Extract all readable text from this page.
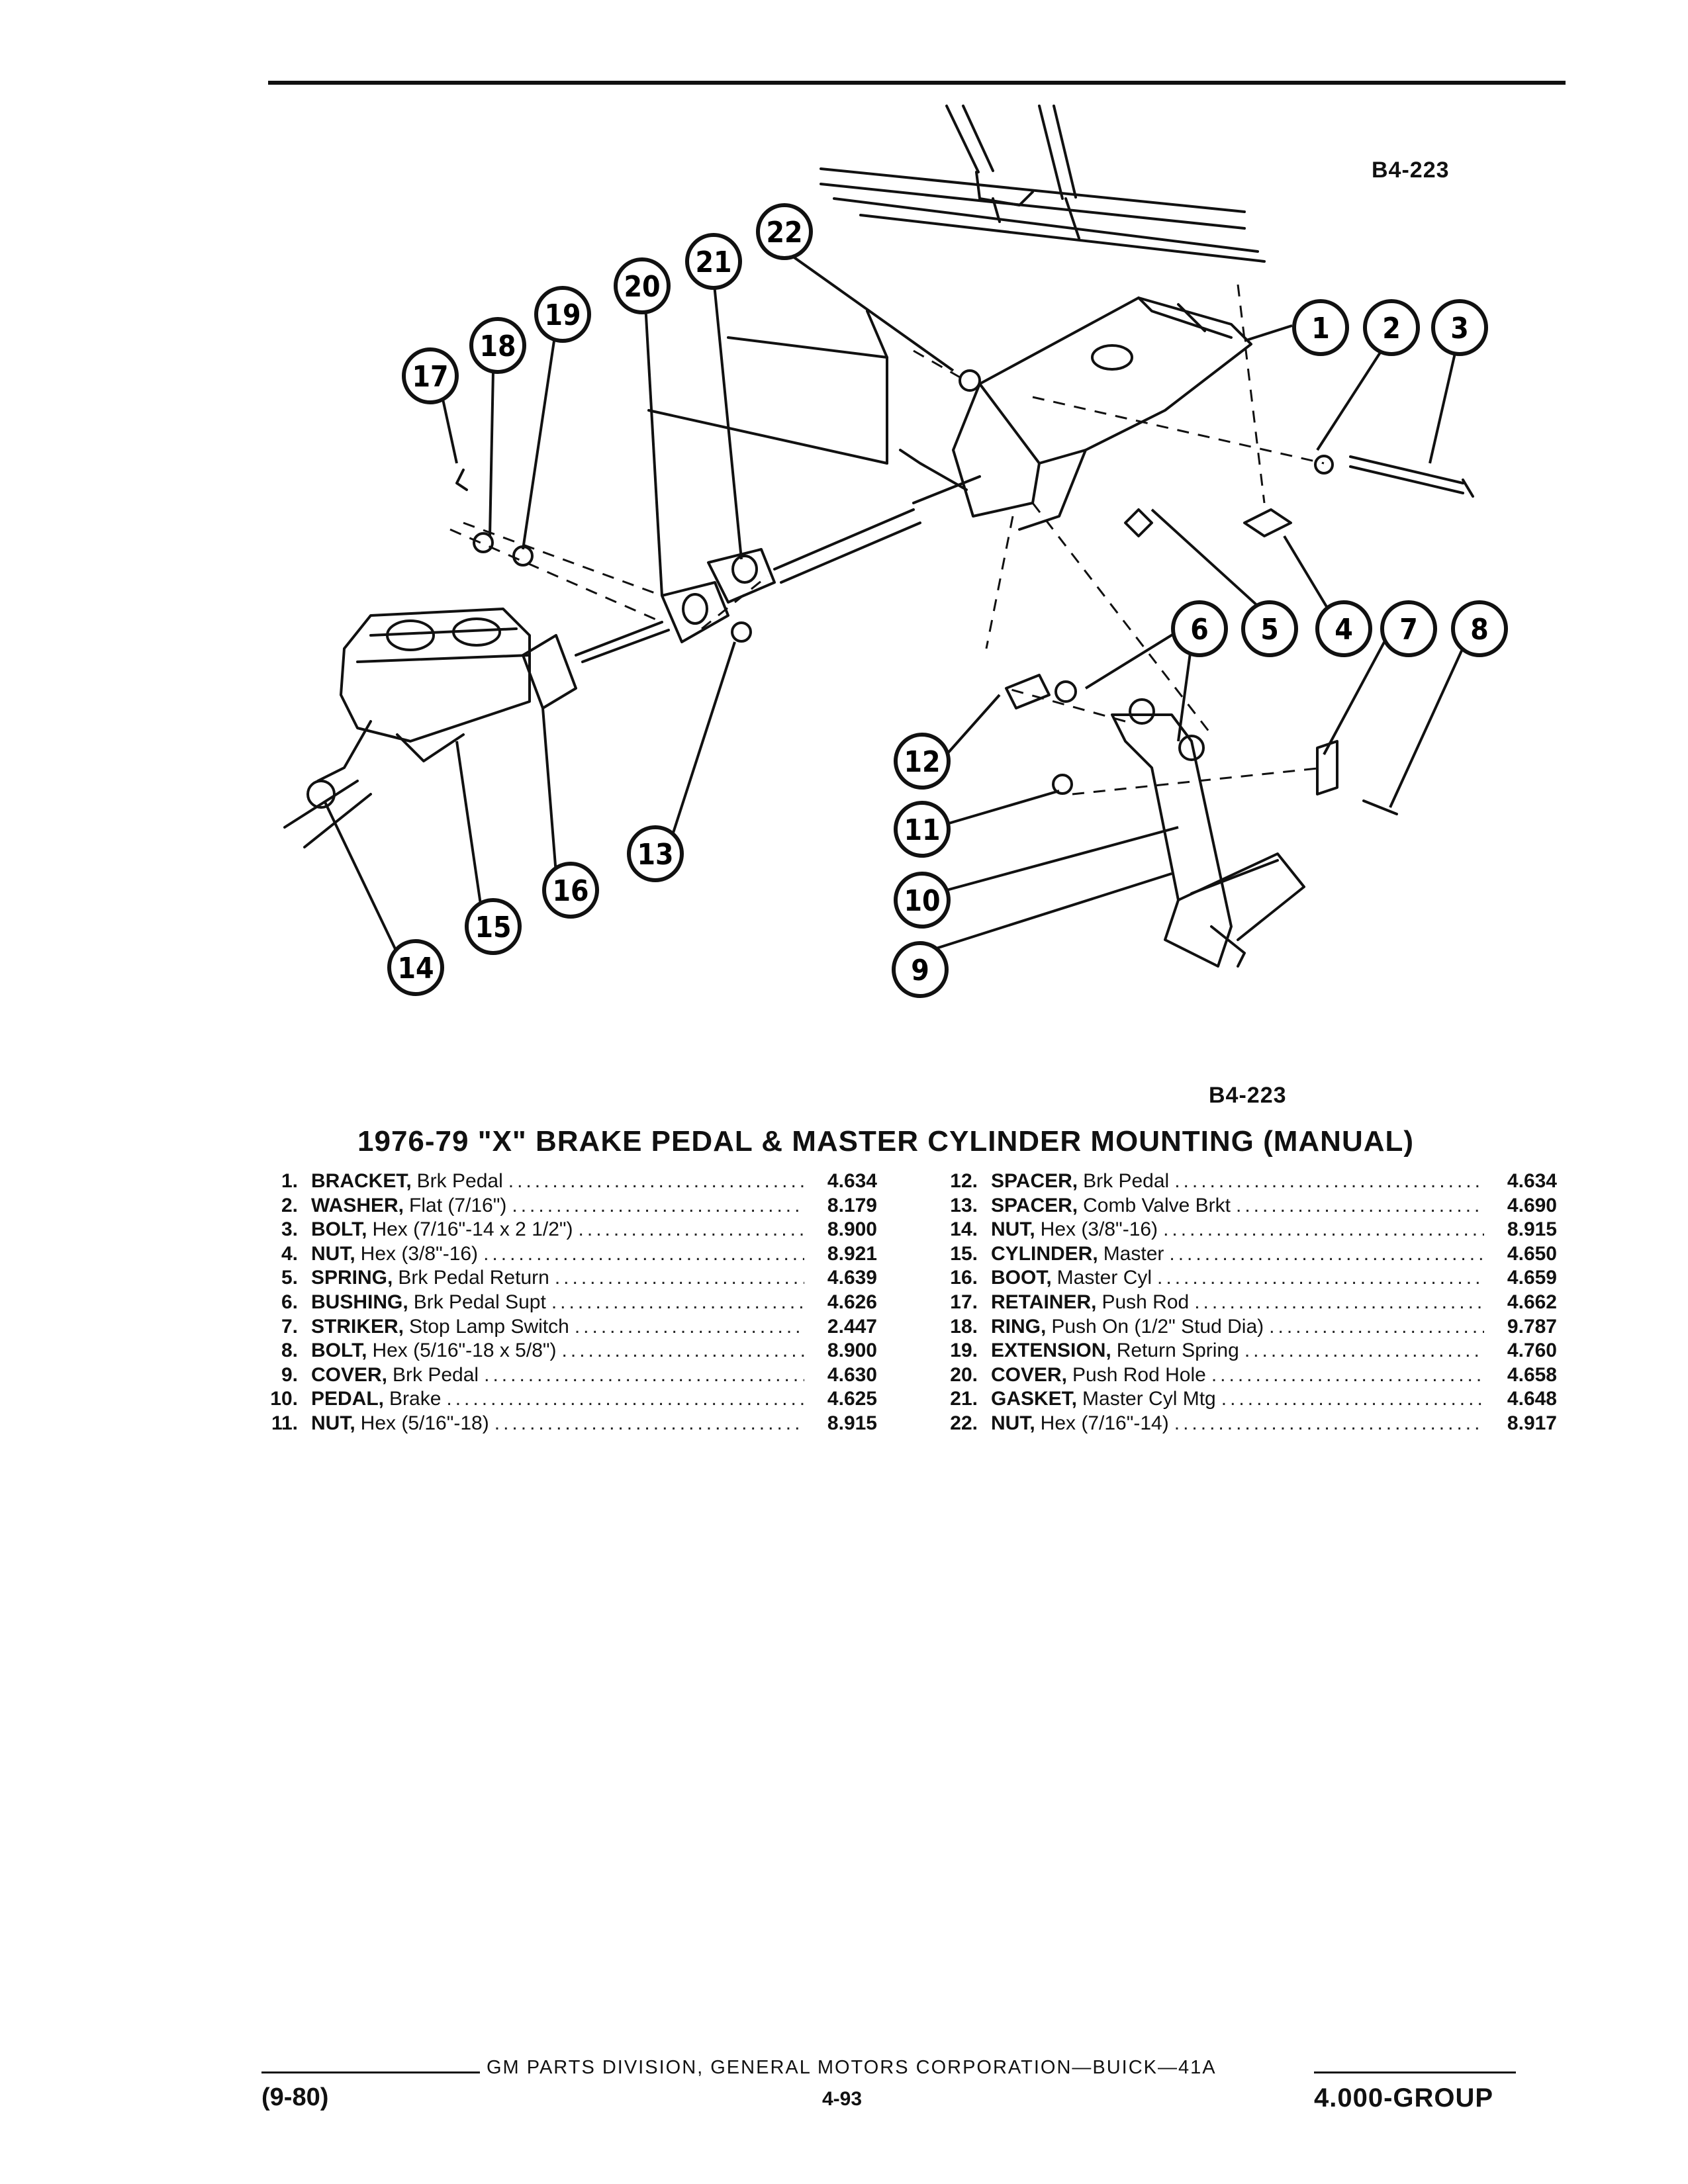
1 2 3
4
5
6	7 8
9
10
11
12
13
14
15
16
17
18
19
20
21
22
B4-223
B4-223
1976-79 "X" BRAKE PEDAL & MASTER CYLINDER MOUNTING (MANUAL)
1. BRACKET, Brk Pedal .....	4.634
2. WASHER, Flat (7/16") .....	8.179
3. BOLT, Hex (7/16"-14 x 2 1/2") .....	8.900
4. NUT, Hex (3/8"-16) .....	8.921
5. SPRING, Brk Pedal Return .....	4.639
6. BUSHING, Brk Pedal Supt .....	4.626
7. STRIKER, Stop Lamp Switch .....	2.447
8. BOLT, Hex (5/16"-18 x 5/8") .....	8.900
9. COVER, Brk Pedal .....	4.630
10. PEDAL, Brake .....	4.625
11. NUT, Hex (5/16"-18) .....	8.915
12. SPACER, Brk Pedal .....	4.634
13. SPACER, Comb Valve Brkt .....	4.690
14. NUT, Hex (3/8"-16) .....	8.915
15. CYLINDER, Master .....	4.650
16. BOOT, Master Cyl .....	4.659
17. RETAINER, Push Rod .....	4.662
18. RING, Push On (1/2" Stud Dia) .....	9.787
19. EXTENSION, Return Spring .....	4.760
20. COVER, Push Rod Hole .....	4.658
21. GASKET, Master Cyl Mtg .....	4.648
22. NUT, Hex (7/16"-14) .....	8.917
GM PARTS DIVISION, GENERAL MOTORS CORPORATION—BUICK—41A
(9-80)	4-93	4.000-GROUP
